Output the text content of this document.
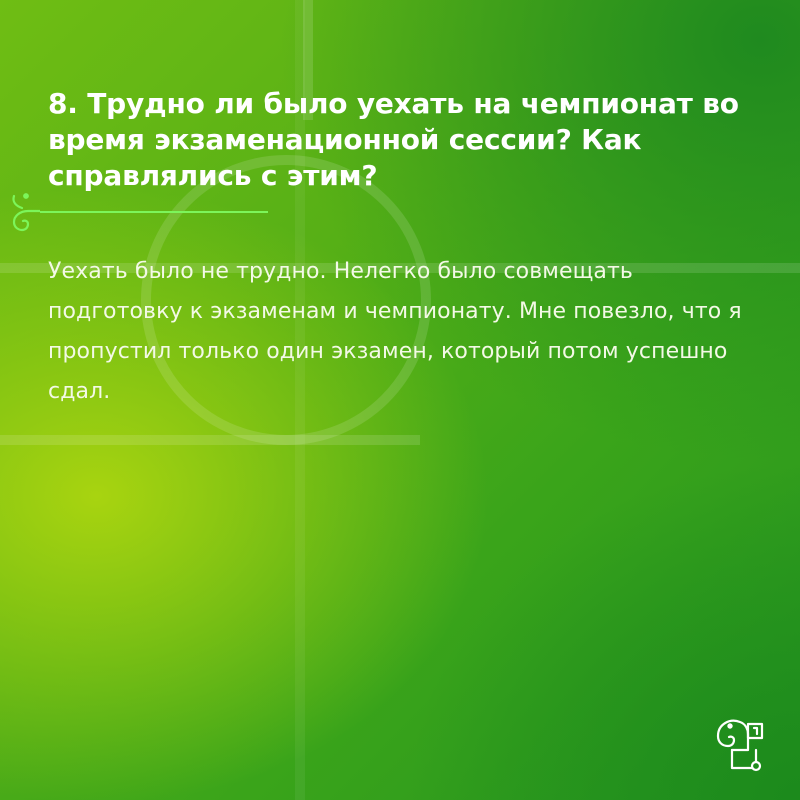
8. Трудно ли было уехать на чемпионат во время экзаменационной сессии? Как справлялись с этим?

Уехать было не трудно. Нелегко было совмещать подготовку к экзаменам и чемпионату. Мне повезло, что я пропустил только один экзамен, который потом успешно сдал.
